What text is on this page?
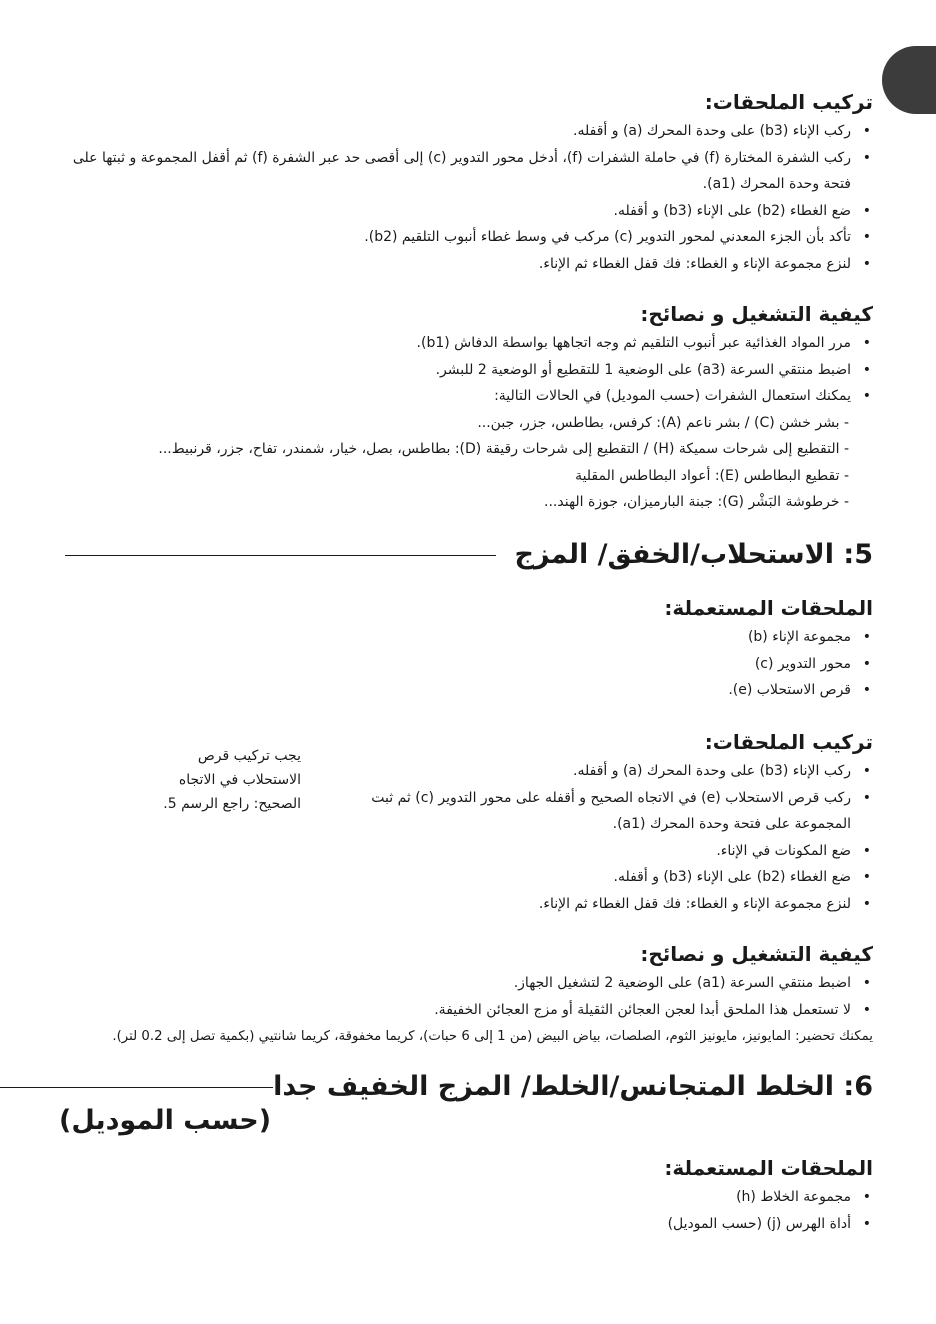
تركيب الملحقات:
• ركب الإناء (b3) على وحدة المحرك (a) و أقفله.
• ركب الشفرة المختارة (f) في حاملة الشفرات (f)، أدخل محور التدوير (c) إلى أقصى حد عبر الشفرة (f) ثم أقفل المجموعة و ثبتها على فتحة وحدة المحرك (a1).
• ضع الغطاء (b2) على الإناء (b3) و أقفله.
• تأكد بأن الجزء المعدني لمحور التدوير (c) مركب في وسط غطاء أنبوب التلقيم (b2).
• لنزع مجموعة الإناء و الغطاء: فك قفل الغطاء ثم الإناء.
كيفية التشغيل و نصائح:
• مرر المواد الغذائية عبر أنبوب التلقيم ثم وجه اتجاهها بواسطة الدفاش (b1).
• اضبط منتقي السرعة (a3) على الوضعية 1 للتقطيع أو الوضعية 2 للبشر.
• يمكنك استعمال الشفرات (حسب الموديل) في الحالات التالية:
- بشر خشن (C) / بشر ناعم (A): كرفس، بطاطس، جزر، جبن...
- التقطيع إلى شرحات سميكة (H) / التقطيع إلى شرحات رقيقة (D): بطاطس، بصل، خيار، شمندر، تفاح، جزر، قرنبيط...
- تقطيع البطاطس (E): أعواد البطاطس المقلية
- خرطوشة البَشْر (G): جبنة البارميزان، جوزة الهند...
5: الاستحلاب/الخفق/ المزج
الملحقات المستعملة:
• مجموعة الإناء (b)
• محور التدوير (c)
• قرص الاستحلاب (e).
تركيب الملحقات:
• ركب الإناء (b3) على وحدة المحرك (a) و أقفله.
• ركب قرص الاستحلاب (e) في الاتجاه الصحيح و أقفله على محور التدوير (c) ثم ثبت المجموعة على فتحة وحدة المحرك (a1).
• ضع المكونات في الإناء.
• ضع الغطاء (b2) على الإناء (b3) و أقفله.
• لنزع مجموعة الإناء و الغطاء: فك قفل الغطاء ثم الإناء.
يجب تركيب قرص الاستحلاب في الاتجاه الصحيح: راجع الرسم 5.
كيفية التشغيل و نصائح:
• اضبط منتقي السرعة (a1) على الوضعية 2 لتشغيل الجهاز.
• لا تستعمل هذا الملحق أبدا لعجن العجائن الثقيلة أو مزج العجائن الخفيفة.
يمكنك تحضير: المايونيز، مايونيز الثوم، الصلصات، بياض البيض (من 1 إلى 6 حبات)، كريما مخفوقة، كريما شانتيي (بكمية تصل إلى 0.2 لتر).
6: الخلط المتجانس/الخلط/ المزج الخفيف جدا
(حسب الموديل)
الملحقات المستعملة:
• مجموعة الخلاط (h)
• أداة الهرس (j) (حسب الموديل)
